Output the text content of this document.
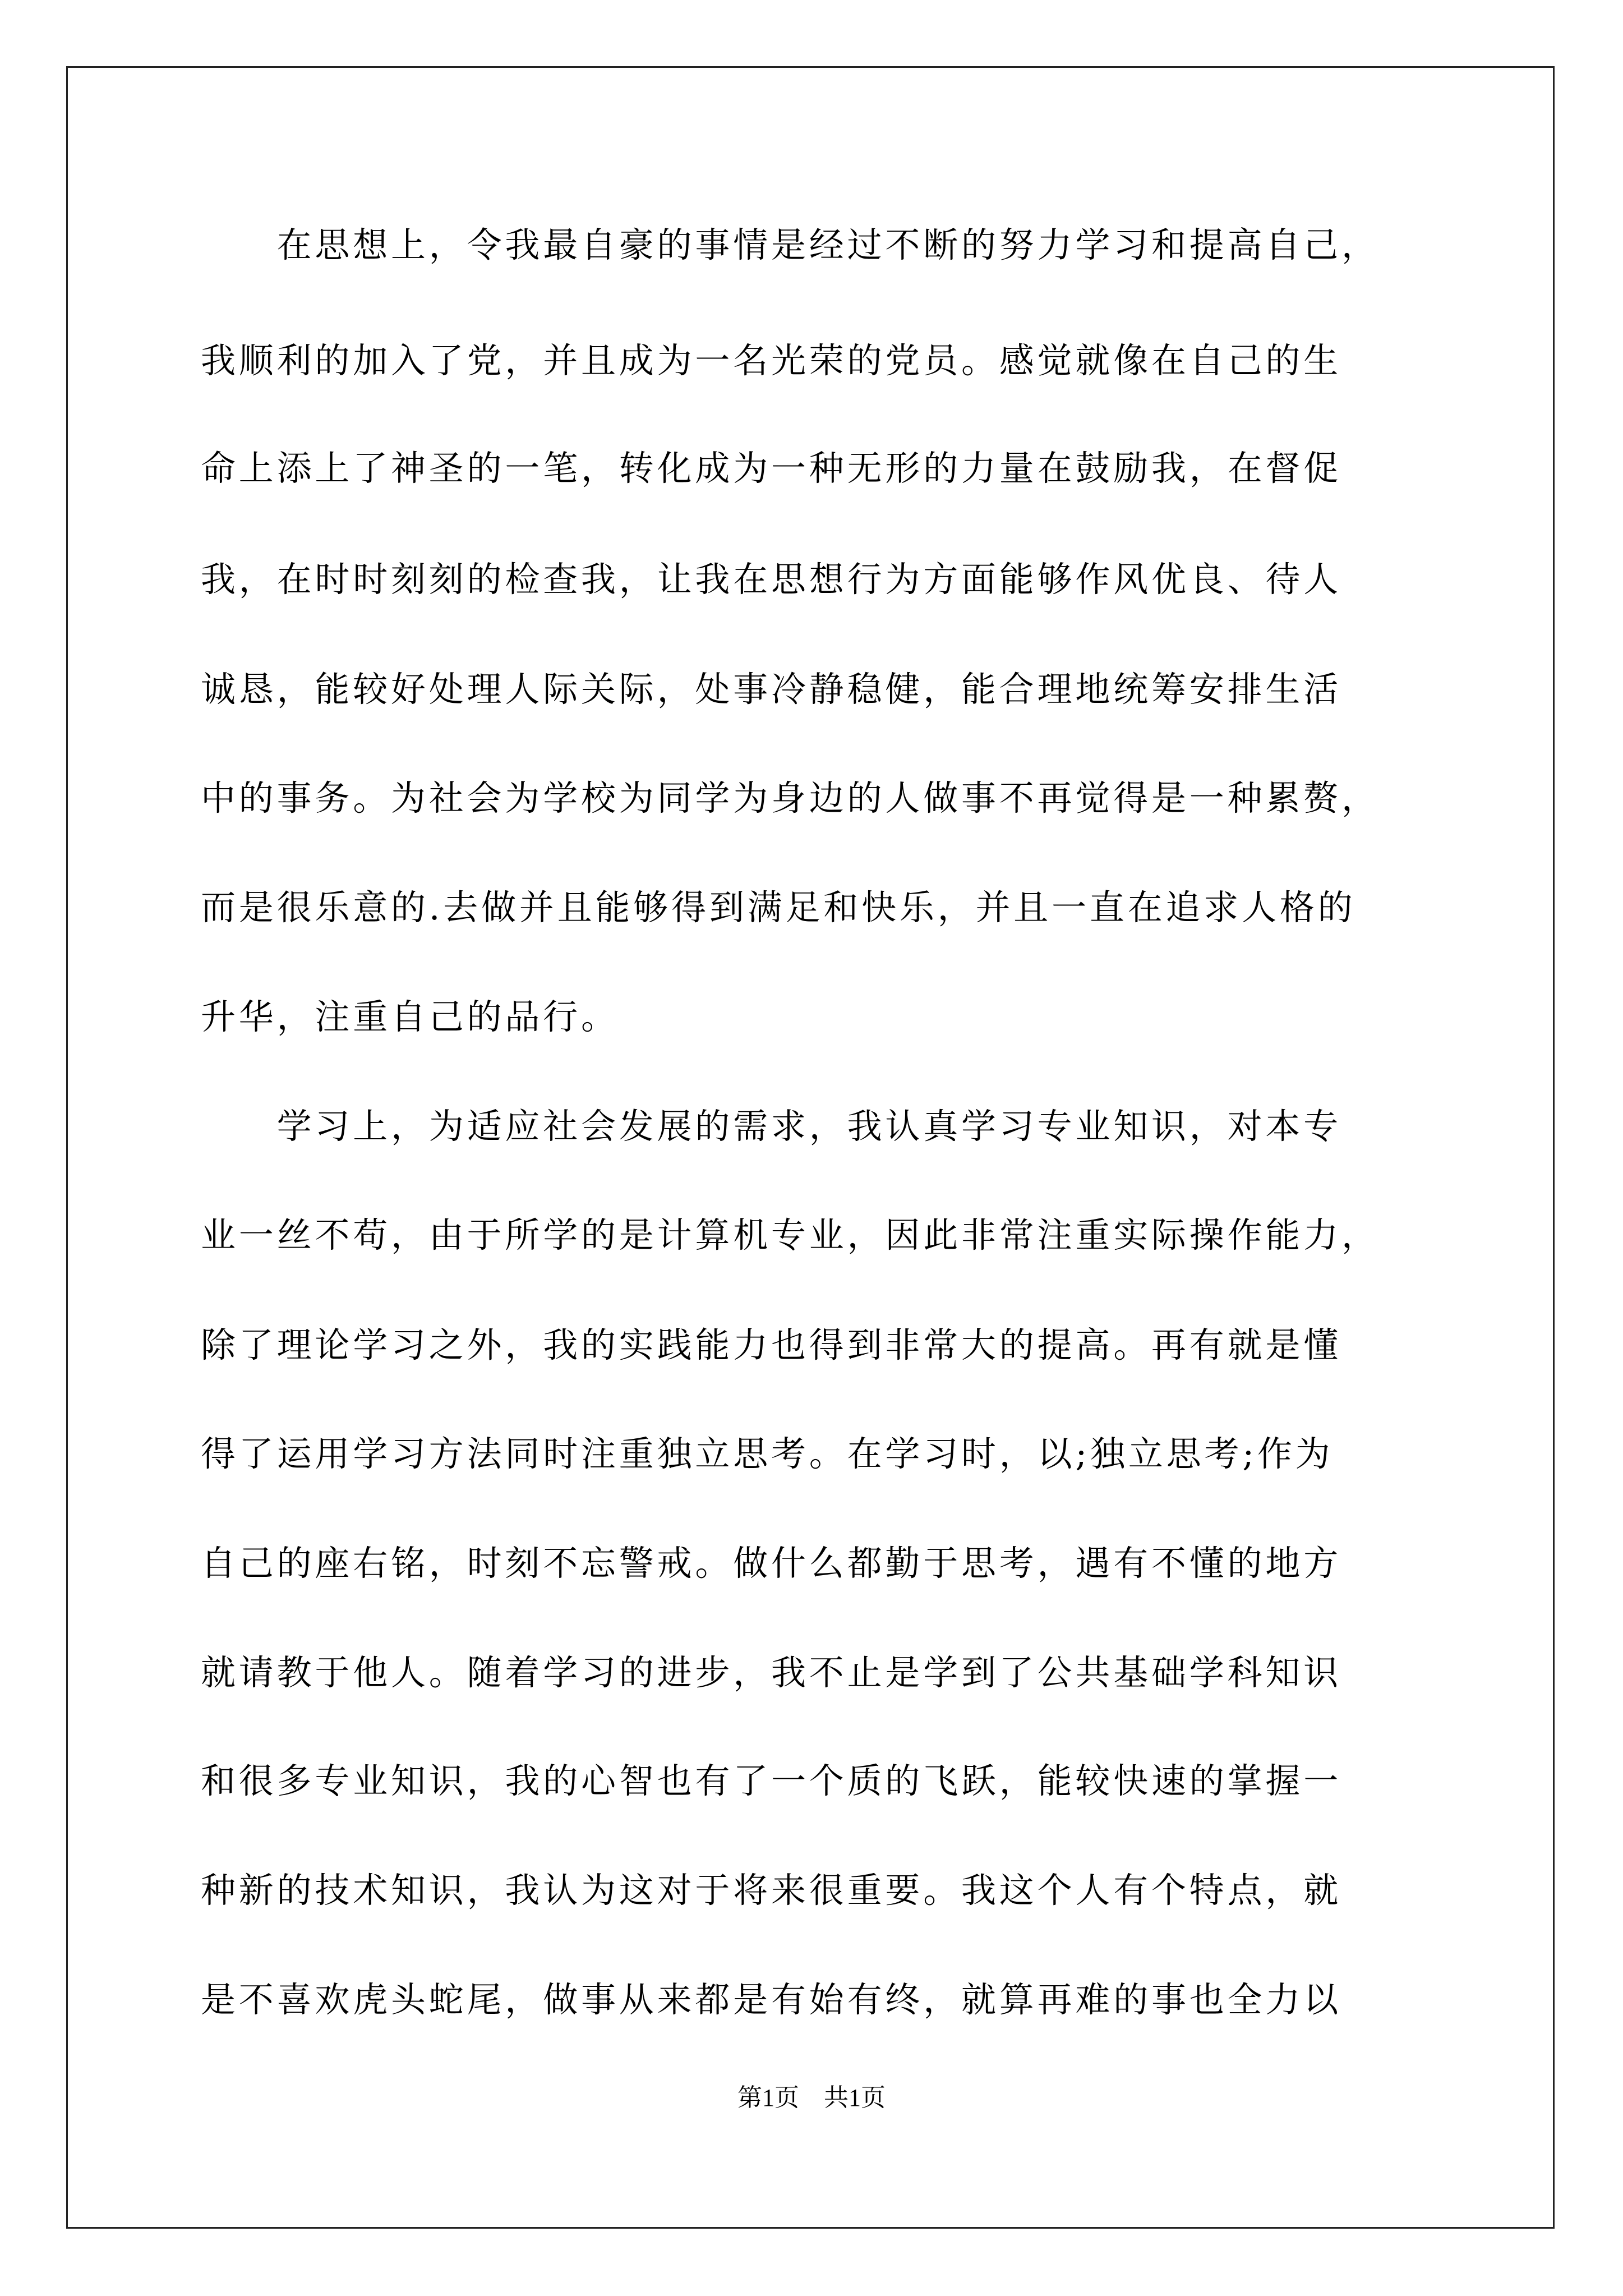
　　在思想上，令我最自豪的事情是经过不断的努力学习和提高自己，
我顺利的加入了党，并且成为一名光荣的党员。感觉就像在自己的生
命上添上了神圣的一笔，转化成为一种无形的力量在鼓励我，在督促
我，在时时刻刻的检查我，让我在思想行为方面能够作风优良、待人
诚恳，能较好处理人际关际，处事冷静稳健，能合理地统筹安排生活
中的事务。为社会为学校为同学为身边的人做事不再觉得是一种累赘，
而是很乐意的.去做并且能够得到满足和快乐，并且一直在追求人格的
升华，注重自己的品行。
　　学习上，为适应社会发展的需求，我认真学习专业知识，对本专
业一丝不苟，由于所学的是计算机专业，因此非常注重实际操作能力，
除了理论学习之外，我的实践能力也得到非常大的提高。再有就是懂
得了运用学习方法同时注重独立思考。在学习时，以;独立思考;作为
自己的座右铭，时刻不忘警戒。做什么都勤于思考，遇有不懂的地方
就请教于他人。随着学习的进步，我不止是学到了公共基础学科知识
和很多专业知识，我的心智也有了一个质的飞跃，能较快速的掌握一
种新的技术知识，我认为这对于将来很重要。我这个人有个特点，就
是不喜欢虎头蛇尾，做事从来都是有始有终，就算再难的事也全力以
第1页　共1页
